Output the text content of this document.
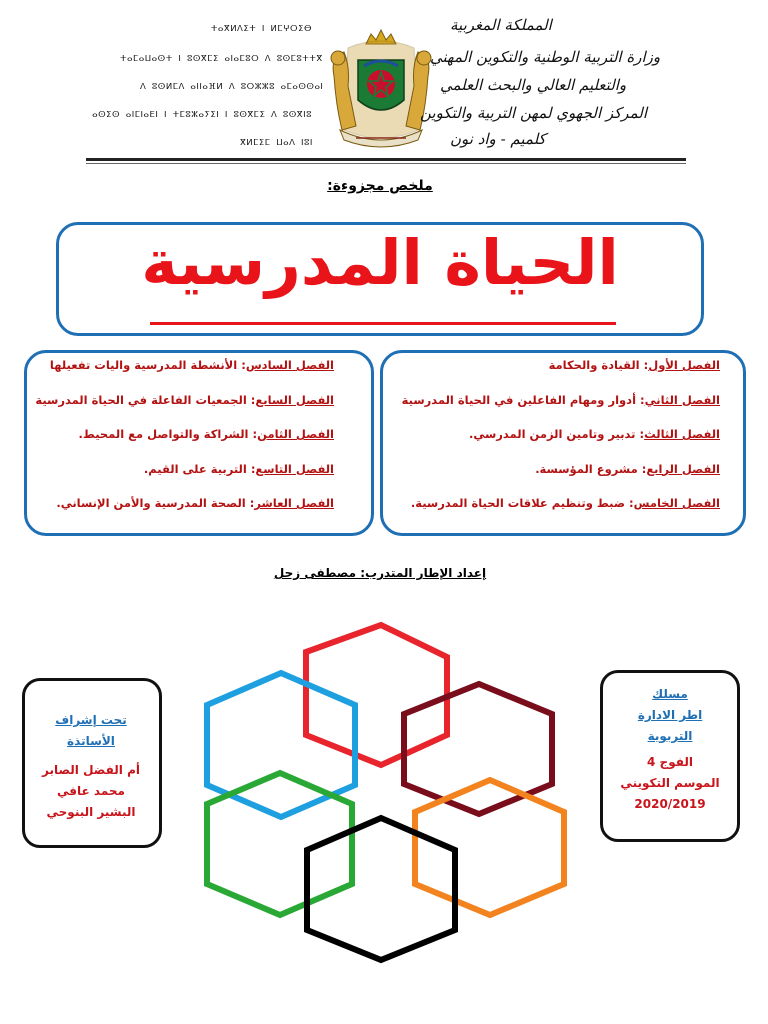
ⵜⴰⴳⵍⴷⵉⵜ ⵏ ⵍⵎⵖⵔⵉⴱ
ⵜⴰⵎⴰⵡⴰⵙⵜ ⵏ ⵓⵙⴳⵎⵉ ⴰⵏⴰⵎⵓⵔ ⴷ ⵓⵙⵎⵓⵜⵜⴳ
ⴷ ⵓⵙⵍⵎⴷ ⴰⵏⵏⴰⴼⵍ ⴷ ⵓⵔⵣⵣⵓ ⴰⵎⴰⵙⵙⴰⵏ
ⴰⵙⵉⵙ ⴰⵏⵎⵏⴰⴹⵏ ⵏ ⵜⵎⵓⵣⴰⵢⵉⵏ ⵏ ⵓⵙⴳⵎⵉ ⴷ ⵓⵙⴳⵏⵓ
ⴳⵍⵎⵉⵎ ⵡⴰⴷ ⵏⵓⵏ
المملكة المغربية
وزارة التربية الوطنية والتكوين المهني
والتعليم العالي والبحث العلمي
المركز الجهوي لمهن التربية والتكوين
كلميم - واد نون
ملخص مجزوءة:
الحياة المدرسية
الفصل الأول: القيادة والحكامة
الفصل الثاني: أدوار ومهام الفاعلين في الحياة المدرسية
الفصل الثالث: تدبير وتامين الزمن المدرسي.
الفصل الرابع: مشروع المؤسسة.
الفصل الخامس: ضبط وتنظيم علاقات الحياة المدرسية.
الفصل السادس: الأنشطة المدرسية واليات تفعيلها
الفصل السابع: الجمعيات الفاعلة في الحياة المدرسية
الفصل الثامن: الشراكة والتواصل مع المحيط.
الفصل التاسع: التربية على القيم.
الفصل العاشر: الصحة المدرسية والأمن الإنساني.
إعداد الإطار المتدرب: مصطفى زحل
تحت إشراف
الأساتذة
أم الفضل الصابر
محمد عافي
البشير البنوحي
مسلك
اطر الادارة
التربوية
الفوج 4
الموسم التكويني
2020/2019
